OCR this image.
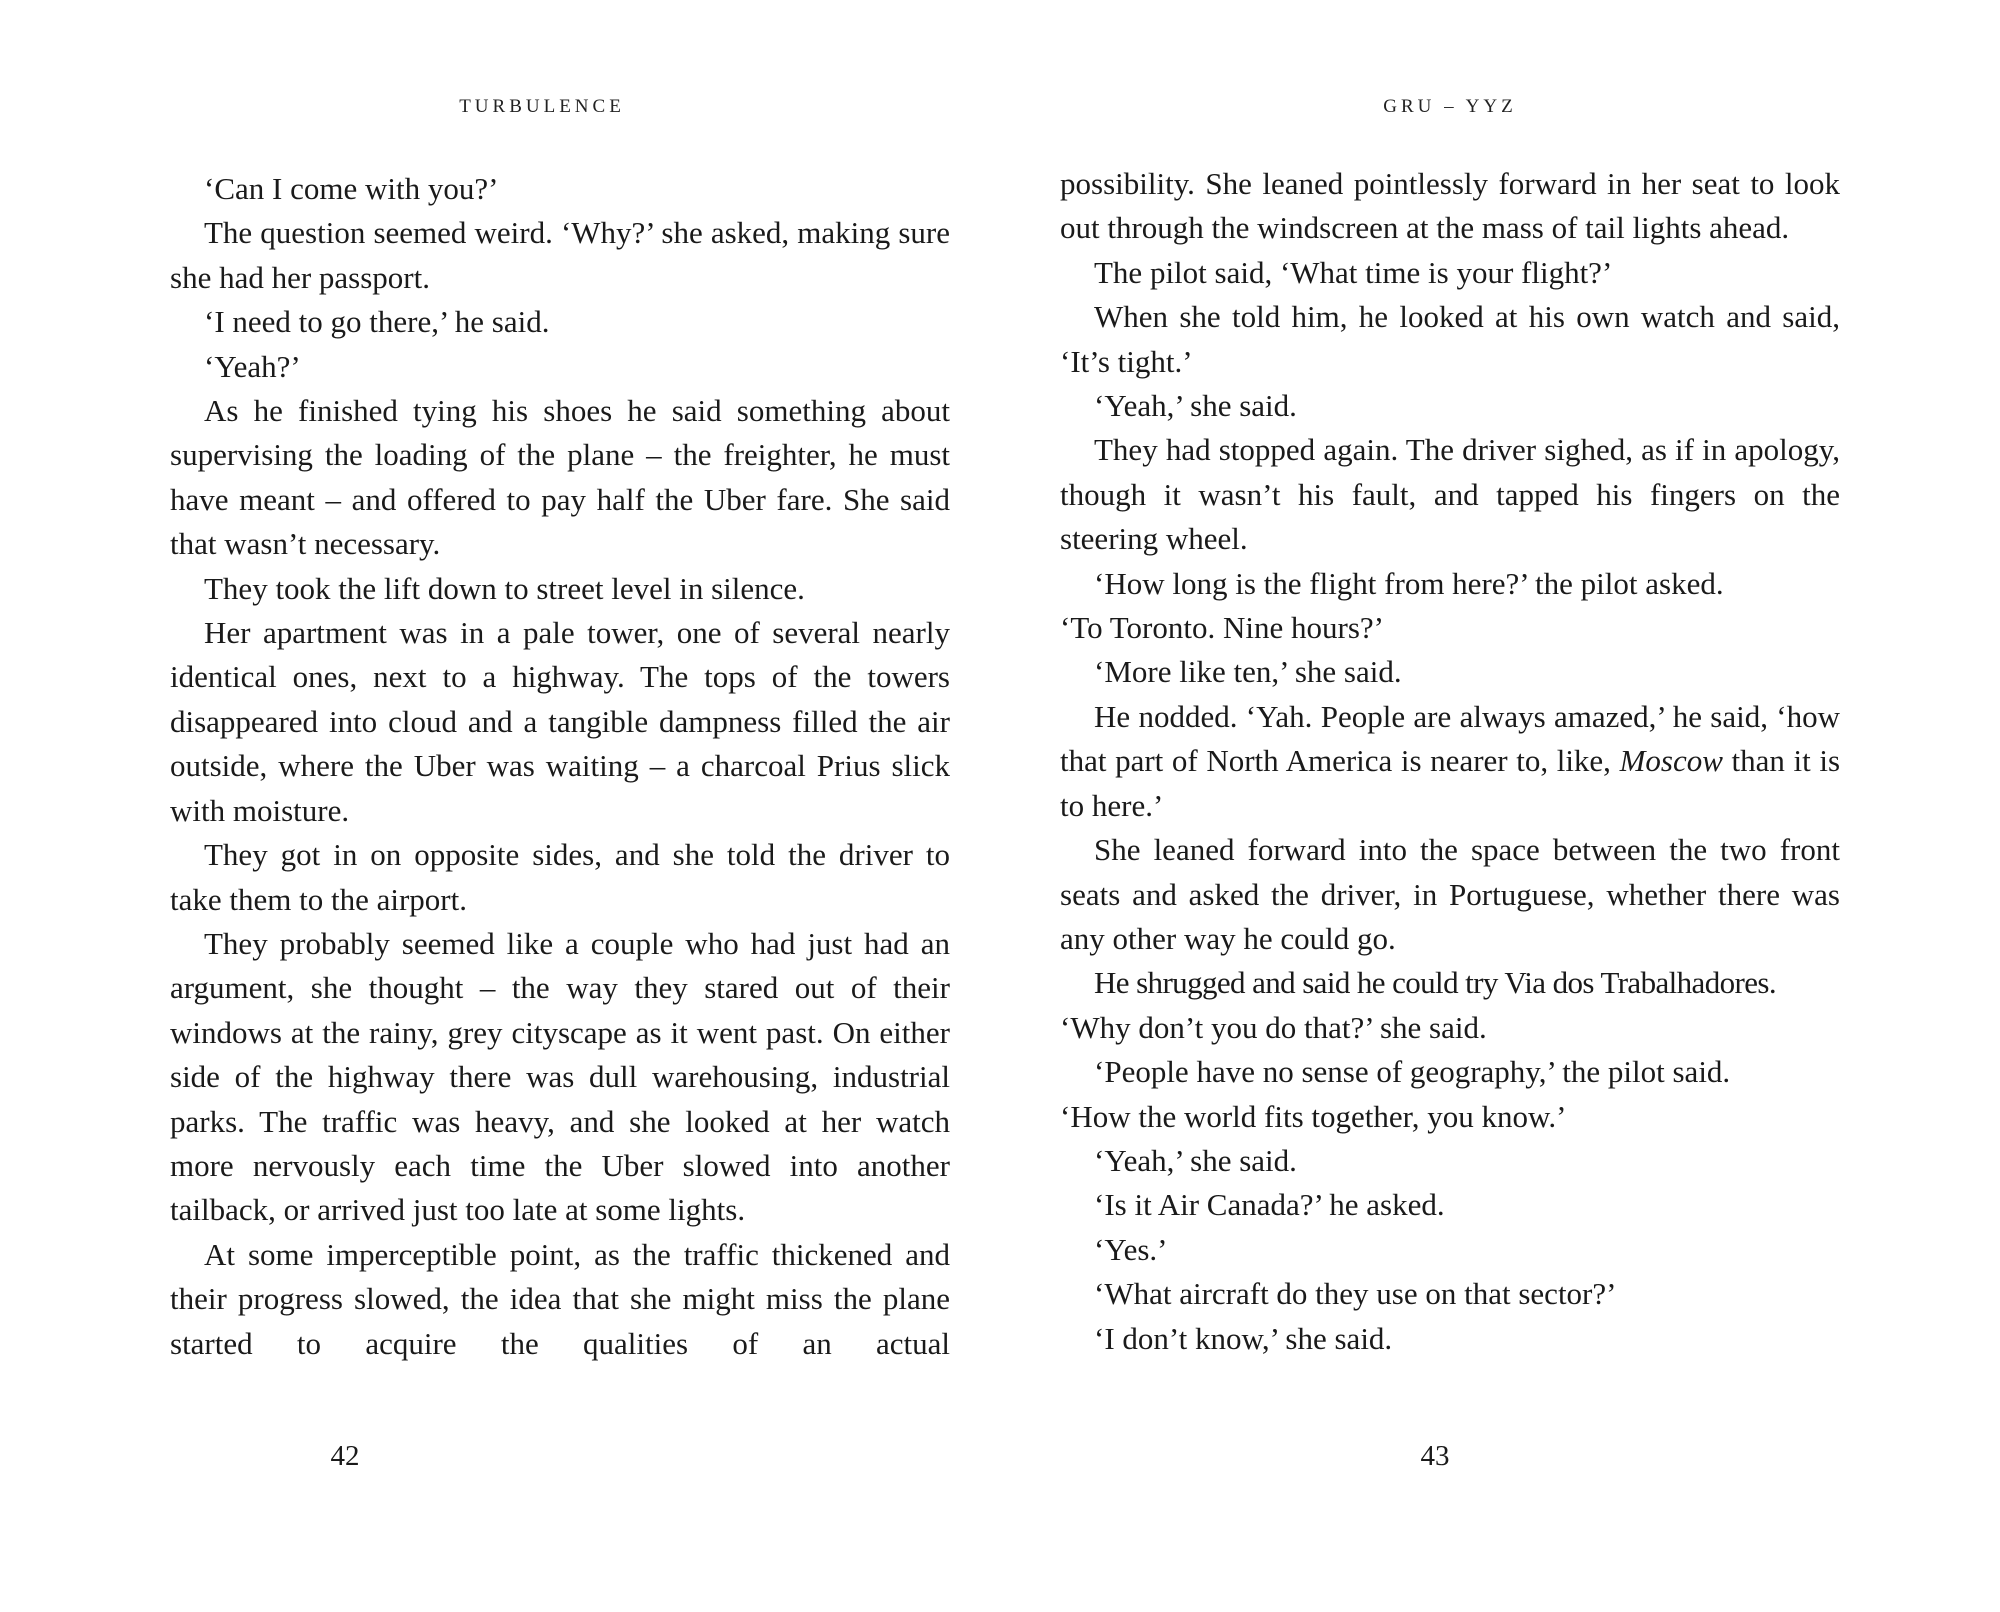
TURBULENCE

‘Can I come with you?’

The question seemed weird. ‘Why?’ she asked, making sure she had her passport.

‘I need to go there,’ he said.

‘Yeah?’

As he finished tying his shoes he said something about supervising the loading of the plane – the freighter, he must have meant – and offered to pay half the Uber fare. She said that wasn’t necessary.

They took the lift down to street level in silence.

Her apartment was in a pale tower, one of several nearly identical ones, next to a highway. The tops of the towers disappeared into cloud and a tangible dampness filled the air outside, where the Uber was waiting – a charcoal Prius slick with moisture.

They got in on opposite sides, and she told the driver to take them to the airport.

They probably seemed like a couple who had just had an argument, she thought – the way they stared out of their windows at the rainy, grey cityscape as it went past. On either side of the highway there was dull warehousing, industrial parks. The traffic was heavy, and she looked at her watch more nervously each time the Uber slowed into another tailback, or arrived just too late at some lights.

At some imperceptible point, as the traffic thickened and their progress slowed, the idea that she might miss the plane started to acquire the qualities of an actual

42
GRU – YYZ

possibility. She leaned pointlessly forward in her seat to look out through the windscreen at the mass of tail lights ahead.

The pilot said, ‘What time is your flight?’

When she told him, he looked at his own watch and said, ‘It’s tight.’

‘Yeah,’ she said.

They had stopped again. The driver sighed, as if in apology, though it wasn’t his fault, and tapped his fingers on the steering wheel.

‘How long is the flight from here?’ the pilot asked.

‘To Toronto. Nine hours?’

‘More like ten,’ she said.

He nodded. ‘Yah. People are always amazed,’ he said, ‘how that part of North America is nearer to, like, Moscow than it is to here.’

She leaned forward into the space between the two front seats and asked the driver, in Portuguese, whether there was any other way he could go.

He shrugged and said he could try Via dos Trabalhadores.

‘Why don’t you do that?’ she said.

‘People have no sense of geography,’ the pilot said.

‘How the world fits together, you know.’

‘Yeah,’ she said.

‘Is it Air Canada?’ he asked.

‘Yes.’

‘What aircraft do they use on that sector?’

‘I don’t know,’ she said.

43
